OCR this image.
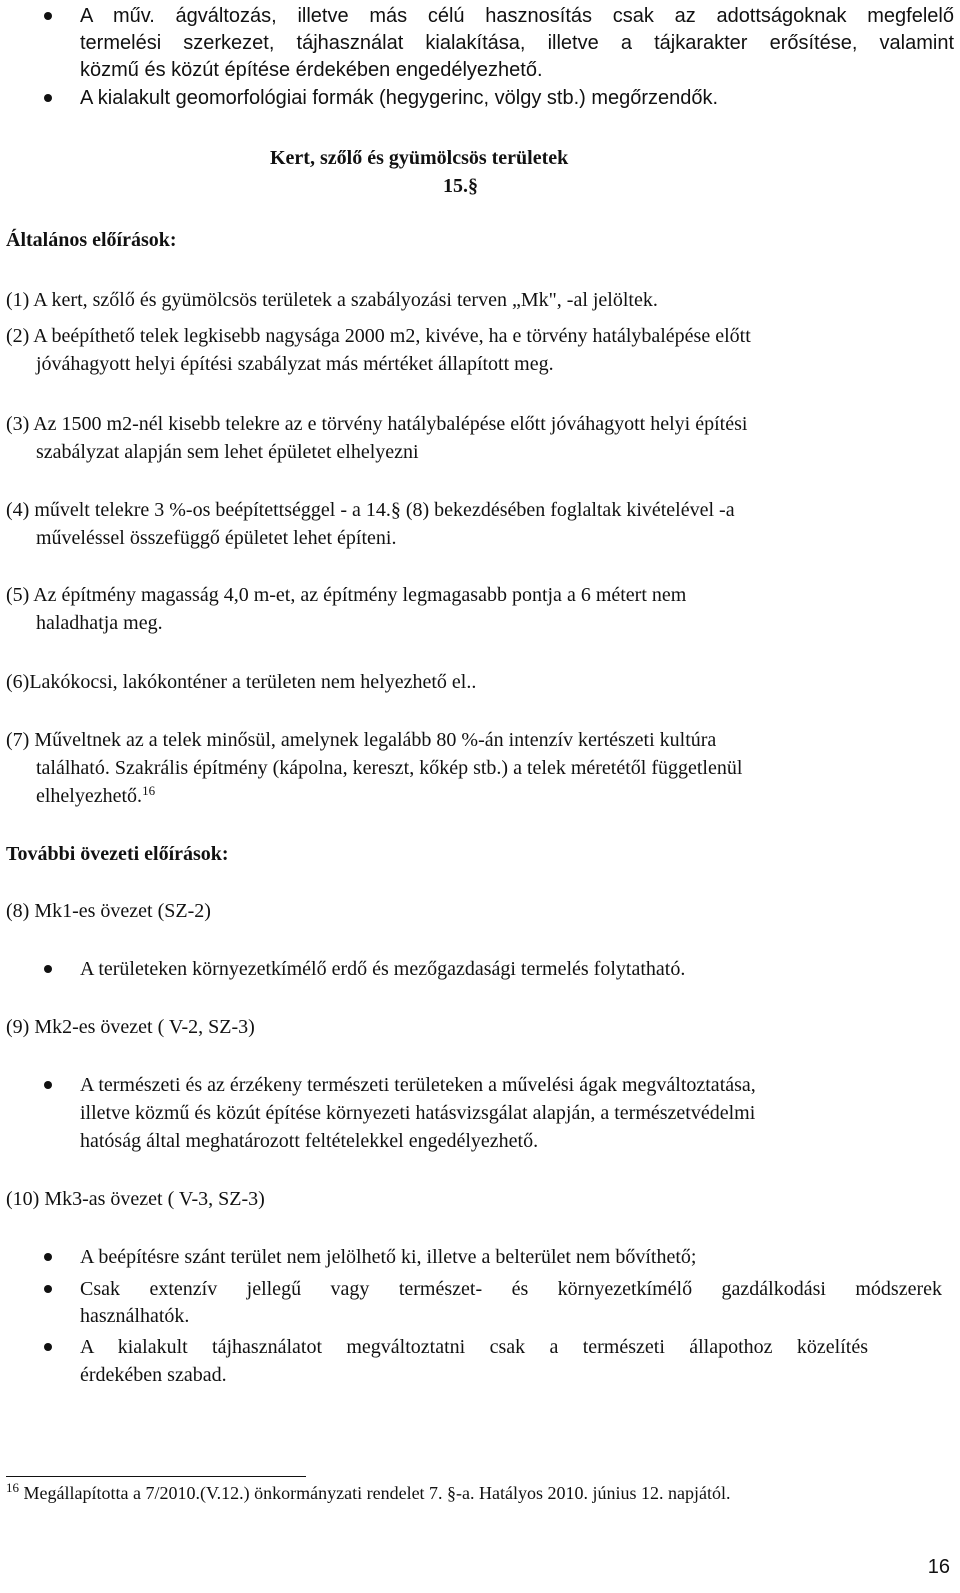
A műv. ágváltozás, illetve más célú hasznosítás csak az adottságoknak megfelelő
termelési szerkezet, tájhasználat kialakítása, illetve a tájkarakter erősítése, valamint
közmű és közút építése érdekében engedélyezhető.
A kialakult geomorfológiai formák (hegygerinc, völgy stb.) megőrzendők.
Kert, szőlő és gyümölcsös területek
15.§
Általános előírások:
(1) A kert, szőlő és gyümölcsös területek a szabályozási terven „Mk", -al jelöltek.
(2) A beépíthető telek legkisebb nagysága 2000 m2, kivéve, ha e törvény hatálybalépése előtt
jóváhagyott helyi építési szabályzat más mértéket állapított meg.
(3) Az 1500 m2-nél kisebb telekre az e törvény hatálybalépése előtt jóváhagyott helyi építési
szabályzat alapján sem lehet épületet elhelyezni
(4) művelt telekre 3 %-os beépítettséggel - a 14.§ (8) bekezdésében foglaltak kivételével -a
műveléssel összefüggő épületet lehet építeni.
(5) Az építmény magasság 4,0 m-et, az építmény legmagasabb pontja a 6 métert nem
haladhatja meg.
(6)Lakókocsi, lakókonténer a területen nem helyezhető el..
(7) Műveltnek az a telek minősül, amelynek legalább 80 %-án intenzív kertészeti kultúra
található. Szakrális építmény (kápolna, kereszt, kőkép stb.) a telek méretétől függetlenül
elhelyezhető.$^{16}$
További övezeti előírások:
(8) Mk1-es övezet (SZ-2)
A területeken környezetkímélő erdő és mezőgazdasági termelés folytatható.
(9) Mk2-es övezet ( V-2, SZ-3)
A természeti és az érzékeny természeti területeken a művelési ágak megváltoztatása,
illetve közmű és közút építése környezeti hatásvizsgálat alapján, a természetvédelmi
hatóság által meghatározott feltételekkel engedélyezhető.
(10) Mk3-as övezet ( V-3, SZ-3)
A beépítésre szánt terület nem jelölhető ki, illetve a belterület nem bővíthető;
Csak extenzív jellegű vagy természet- és környezetkímélő gazdálkodási módszerek
használhatók.
A kialakult tájhasználatot megváltoztatni csak a természeti állapothoz közelítés
érdekében szabad.
$^{16}$ Megállapította a 7/2010.(V.12.) önkormányzati rendelet 7. §-a. Hatályos 2010. június 12. napjától.
16
